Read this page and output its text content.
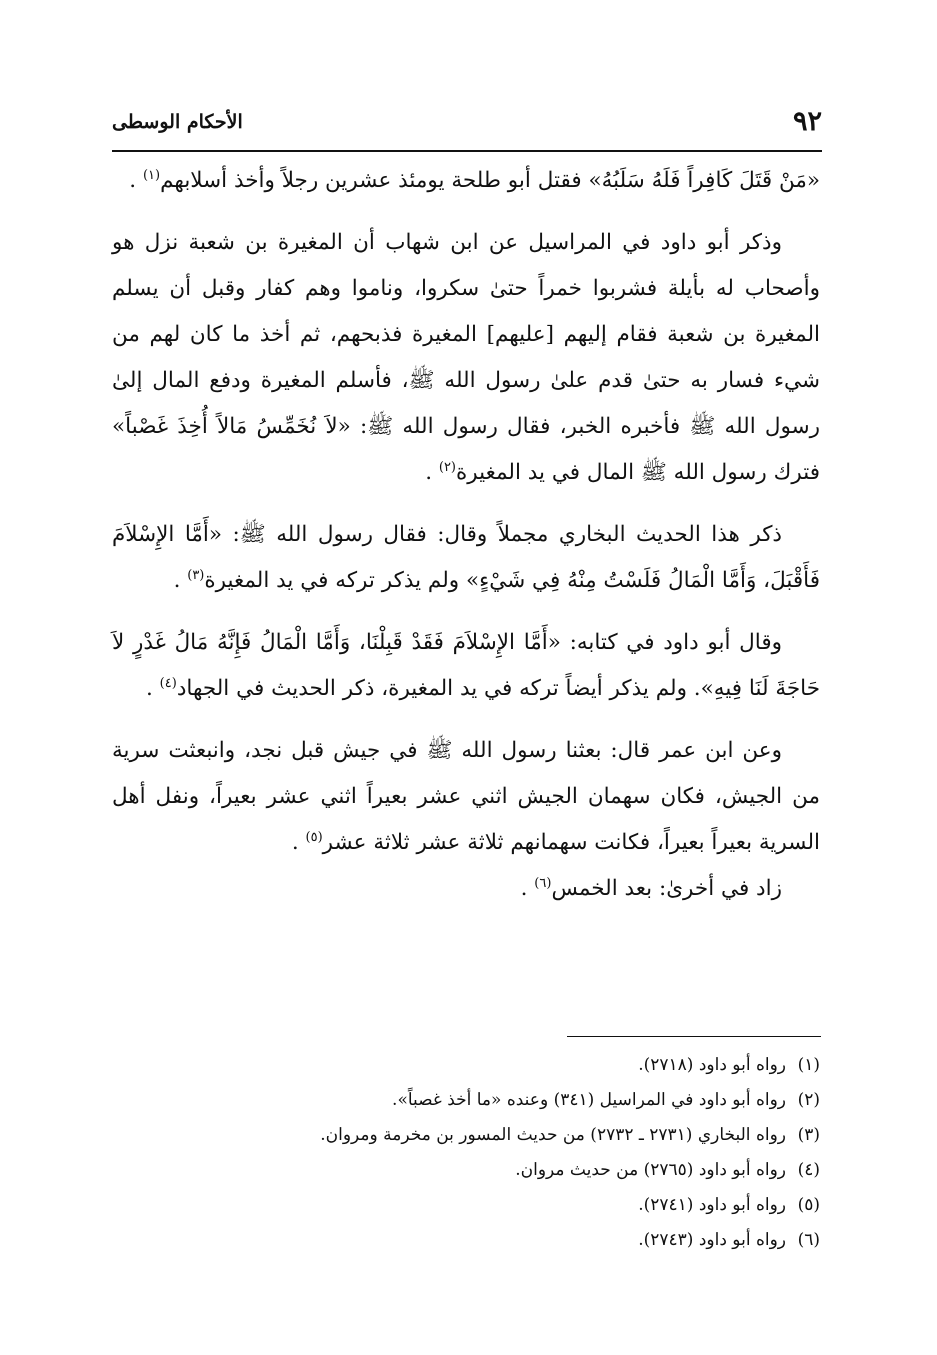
٩٢
الأحكام الوسطى

«مَنْ قَتَلَ كَافِراً فَلَهُ سَلَبُهُ» فقتل أبو طلحة يومئذ عشرين رجلاً وأخذ أسلابهم$^{(١)}$ .

وذكر أبو داود في المراسيل عن ابن شهاب أن المغيرة بن شعبة نزل هو وأصحاب له بأيلة فشربوا خمراً حتىٰ سكروا، وناموا وهم كفار وقبل أن يسلم المغيرة بن شعبة فقام إليهم [عليهم] المغيرة فذبحهم، ثم أخذ ما كان لهم من شيء فسار به حتىٰ قدم علىٰ رسول الله ﷺ، فأسلم المغيرة ودفع المال إلىٰ رسول الله ﷺ فأخبره الخبر، فقال رسول الله ﷺ: «لاَ نُخَمِّسُ مَالاً أُخِذَ غَصْباً» فترك رسول الله ﷺ المال في يد المغيرة$^{(٢)}$ .

ذكر هذا الحديث البخاري مجملاً وقال: فقال رسول الله ﷺ: «أَمَّا الإِسْلاَمَ فَأَقْبَلَ، وَأَمَّا الْمَالُ فَلَسْتُ مِنْهُ فِي شَيْءٍ» ولم يذكر تركه في يد المغيرة$^{(٣)}$ .

وقال أبو داود في كتابه: «أَمَّا الإِسْلاَمَ فَقَدْ قَبِلْنَا، وَأَمَّا الْمَالُ فَإِنَّهُ مَالُ غَدْرٍ لاَ حَاجَةَ لَنَا فِيهِ». ولم يذكر أيضاً تركه في يد المغيرة، ذكر الحديث في الجهاد$^{(٤)}$ .

وعن ابن عمر قال: بعثنا رسول الله ﷺ في جيش قبل نجد، وانبعثت سرية من الجيش، فكان سهمان الجيش اثني عشر بعيراً اثني عشر بعيراً، ونفل أهل السرية بعيراً بعيراً، فكانت سهمانهم ثلاثة عشر ثلاثة عشر$^{(٥)}$ .

زاد في أخرىٰ: بعد الخمس$^{(٦)}$ .

(١)رواه أبو داود (٢٧١٨).

(٢)رواه أبو داود في المراسيل (٣٤١) وعنده «ما أخذ غصباً».

(٣)رواه البخاري (٢٧٣١ ـ ٢٧٣٢) من حديث المسور بن مخرمة ومروان.

(٤)رواه أبو داود (٢٧٦٥) من حديث مروان.

(٥)رواه أبو داود (٢٧٤١).

(٦)رواه أبو داود (٢٧٤٣).
